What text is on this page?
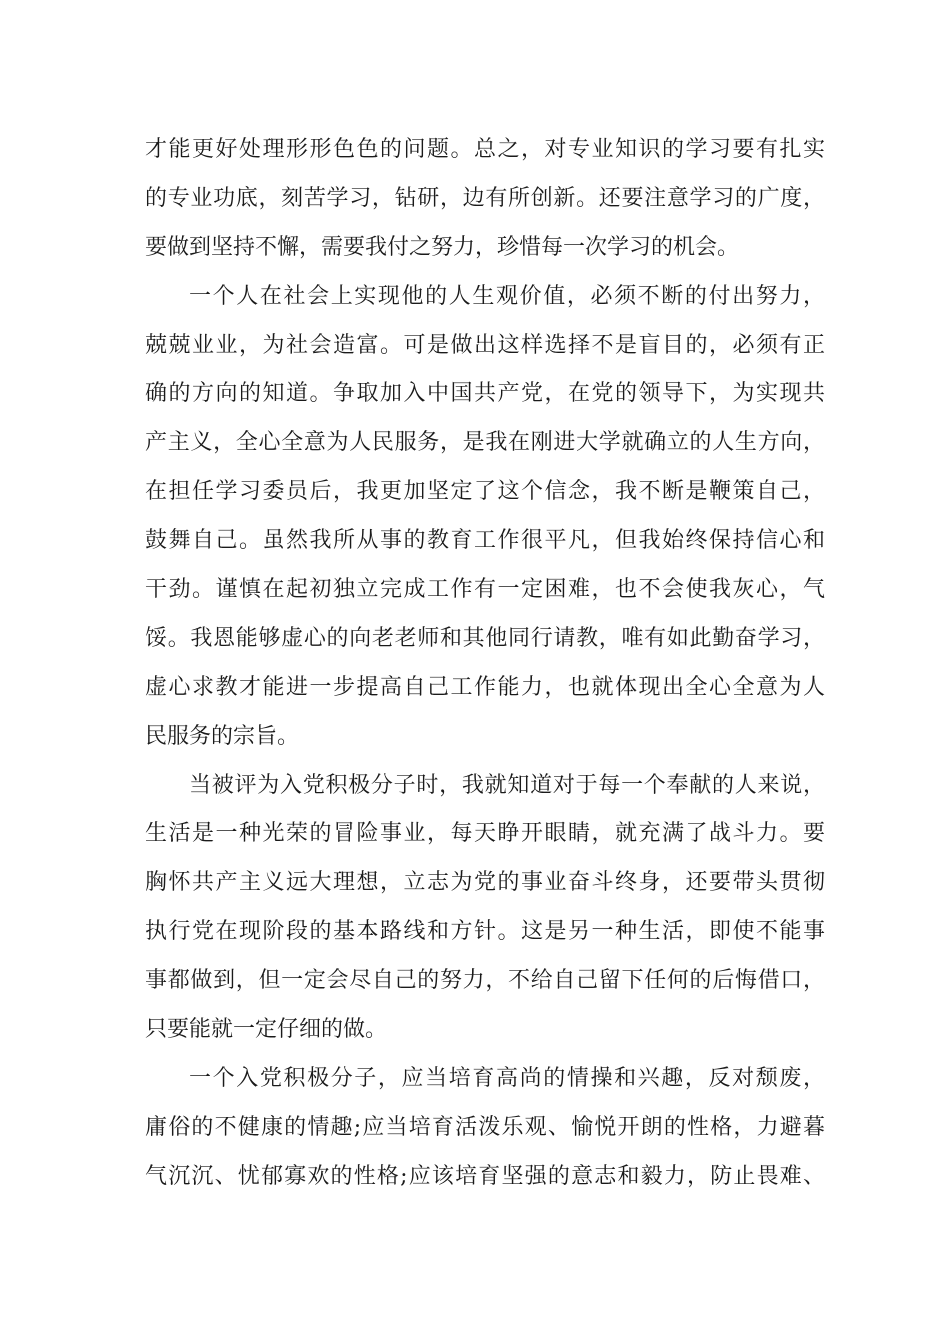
才能更好处理形形色色的问题。总之，对专业知识的学习要有扎实
的专业功底，刻苦学习，钻研，边有所创新。还要注意学习的广度，
要做到坚持不懈，需要我付之努力，珍惜每一次学习的机会。
一个人在社会上实现他的人生观价值，必须不断的付出努力，
兢兢业业，为社会造富。可是做出这样选择不是盲目的，必须有正
确的方向的知道。争取加入中国共产党，在党的领导下，为实现共
产主义，全心全意为人民服务，是我在刚进大学就确立的人生方向，
在担任学习委员后，我更加坚定了这个信念，我不断是鞭策自己，
鼓舞自己。虽然我所从事的教育工作很平凡，但我始终保持信心和
干劲。谨慎在起初独立完成工作有一定困难，也不会使我灰心，气
馁。我恩能够虚心的向老老师和其他同行请教，唯有如此勤奋学习，
虚心求教才能进一步提高自己工作能力，也就体现出全心全意为人
民服务的宗旨。
当被评为入党积极分子时，我就知道对于每一个奉献的人来说，
生活是一种光荣的冒险事业，每天睁开眼睛，就充满了战斗力。要
胸怀共产主义远大理想，立志为党的事业奋斗终身，还要带头贯彻
执行党在现阶段的基本路线和方针。这是另一种生活，即使不能事
事都做到，但一定会尽自己的努力，不给自己留下任何的后悔借口，
只要能就一定仔细的做。
一个入党积极分子，应当培育高尚的情操和兴趣，反对颓废，
庸俗的不健康的情趣;应当培育活泼乐观、愉悦开朗的性格，力避暮
气沉沉、忧郁寡欢的性格;应该培育坚强的意志和毅力，防止畏难、
